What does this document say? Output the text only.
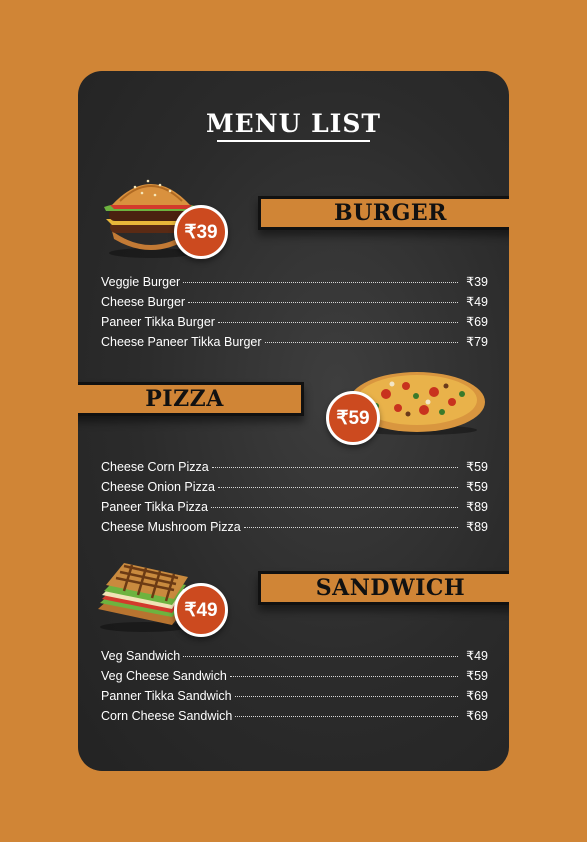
MENU LIST
BURGER
₹39
Veggie Burger	₹39
Cheese Burger	₹49
Paneer Tikka Burger	₹69
Cheese Paneer Tikka Burger	₹79
PIZZA
₹59
Cheese Corn Pizza	₹59
Cheese Onion Pizza	₹59
Paneer Tikka Pizza	₹89
Cheese Mushroom Pizza	₹89
SANDWICH
₹49
Veg Sandwich	₹49
Veg Cheese Sandwich	₹59
Panner Tikka Sandwich	₹69
Corn Cheese Sandwich	₹69
